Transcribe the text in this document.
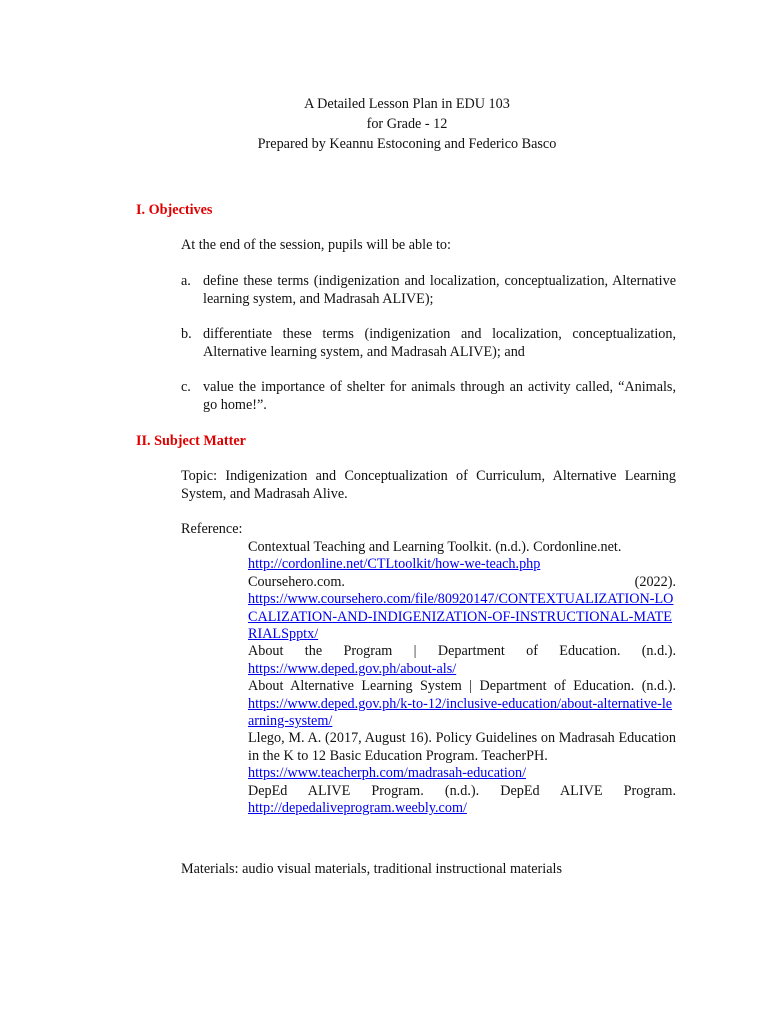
A Detailed Lesson Plan in EDU 103
for Grade - 12
Prepared by Keannu Estoconing and Federico Basco
I. Objectives
At the end of the session, pupils will be able to:
a. define these terms (indigenization and localization, conceptualization, Alternative learning system, and Madrasah ALIVE);
b. differentiate these terms (indigenization and localization, conceptualization, Alternative learning system, and Madrasah ALIVE); and
c. value the importance of shelter for animals through an activity called, “Animals, go home!”.
II. Subject Matter
Topic: Indigenization and Conceptualization of Curriculum, Alternative Learning System, and Madrasah Alive.
Reference:
Contextual Teaching and Learning Toolkit. (n.d.). Cordonline.net.
http://cordonline.net/CTLtoolkit/how-we-teach.php
Coursehero.com.	(2022).
https://www.coursehero.com/file/80920147/CONTEXTUALIZATION-LOCALIZATION-AND-INDIGENIZATION-OF-INSTRUCTIONAL-MATERIALSpptx/
About the Program | Department of Education. (n.d.).
https://www.deped.gov.ph/about-als/
About Alternative Learning System | Department of Education. (n.d.).
https://www.deped.gov.ph/k-to-12/inclusive-education/about-alternative-learning-system/
Llego, M. A. (2017, August 16). Policy Guidelines on Madrasah Education in the K to 12 Basic Education Program. TeacherPH.
https://www.teacherph.com/madrasah-education/
DepEd ALIVE Program. (n.d.). DepEd ALIVE Program.
http://depedaliveprogram.weebly.com/
Materials: audio visual materials, traditional instructional materials
